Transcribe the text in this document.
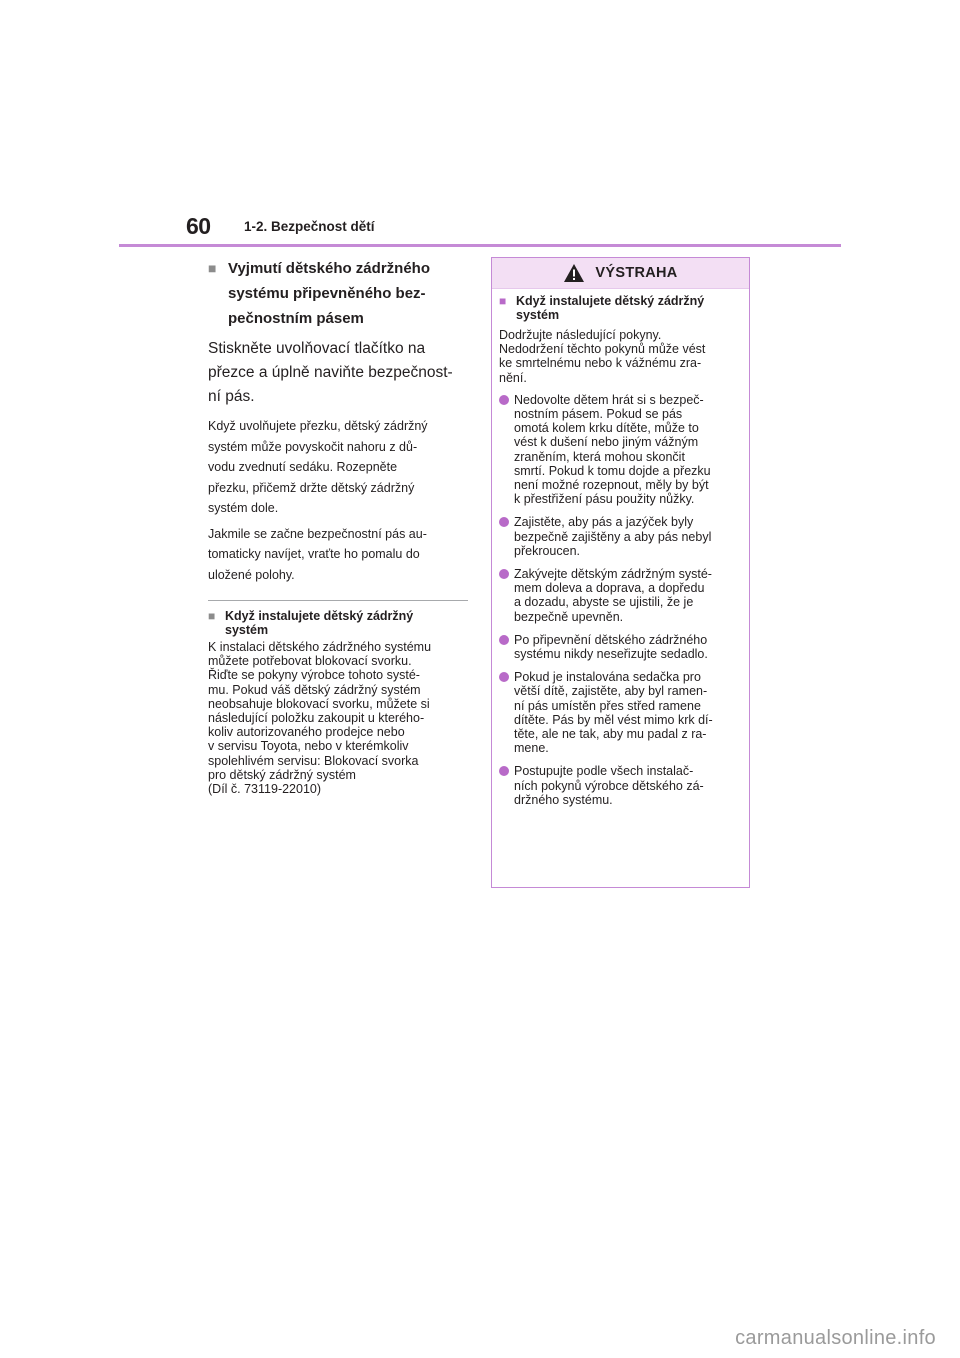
60 1-2. Bezpečnost dětí
■ Vyjmutí dětského zádržného
systému připevněného bez-
pečnostním pásem

Stiskněte uvolňovací tlačítko na
přezce a úplně naviňte bezpečnost-
ní pás.

Když uvolňujete přezku, dětský zádržný
systém může povyskočit nahoru z dů-
vodu zvednutí sedáku. Rozepněte
přezku, přičemž držte dětský zádržný
systém dole.

Jakmile se začne bezpečnostní pás au-
tomaticky navíjet, vraťte ho pomalu do
uložené polohy.

■ Když instalujete dětský zádržný
systém

K instalaci dětského zádržného systému
můžete potřebovat blokovací svorku.
Řiďte se pokyny výrobce tohoto systé-
mu. Pokud váš dětský zádržný systém
neobsahuje blokovací svorku, můžete si
následující položku zakoupit u kterého-
koliv autorizovaného prodejce nebo
v servisu Toyota, nebo v kterémkoliv
spolehlivém servisu: Blokovací svorka
pro dětský zádržný systém
(Díl č. 73119-22010)

VÝSTRAHA
■ Když instalujete dětský zádržný
systém

Dodržujte následující pokyny.
Nedodržení těchto pokynů může vést
ke smrtelnému nebo k vážnému zra-
nění.

Nedovolte dětem hrát si s bezpeč-
nostním pásem. Pokud se pás
omotá kolem krku dítěte, může to
vést k dušení nebo jiným vážným
zraněním, která mohou skončit
smrtí. Pokud k tomu dojde a přezku
není možné rozepnout, měly by být
k přestřižení pásu použity nůžky.
Zajistěte, aby pás a jazýček byly
bezpečně zajištěny a aby pás nebyl
překroucen.
Zakývejte dětským zádržným systé-
mem doleva a doprava, a dopředu
a dozadu, abyste se ujistili, že je
bezpečně upevněn.
Po připevnění dětského zádržného
systému nikdy neseřizujte sedadlo.
Pokud je instalována sedačka pro
větší dítě, zajistěte, aby byl ramen-
ní pás umístěn přes střed ramene
dítěte. Pás by měl vést mimo krk dí-
těte, ale ne tak, aby mu padal z ra-
mene.
Postupujte podle všech instalač-
ních pokynů výrobce dětského zá-
držného systému.
carmanualsonline.info
